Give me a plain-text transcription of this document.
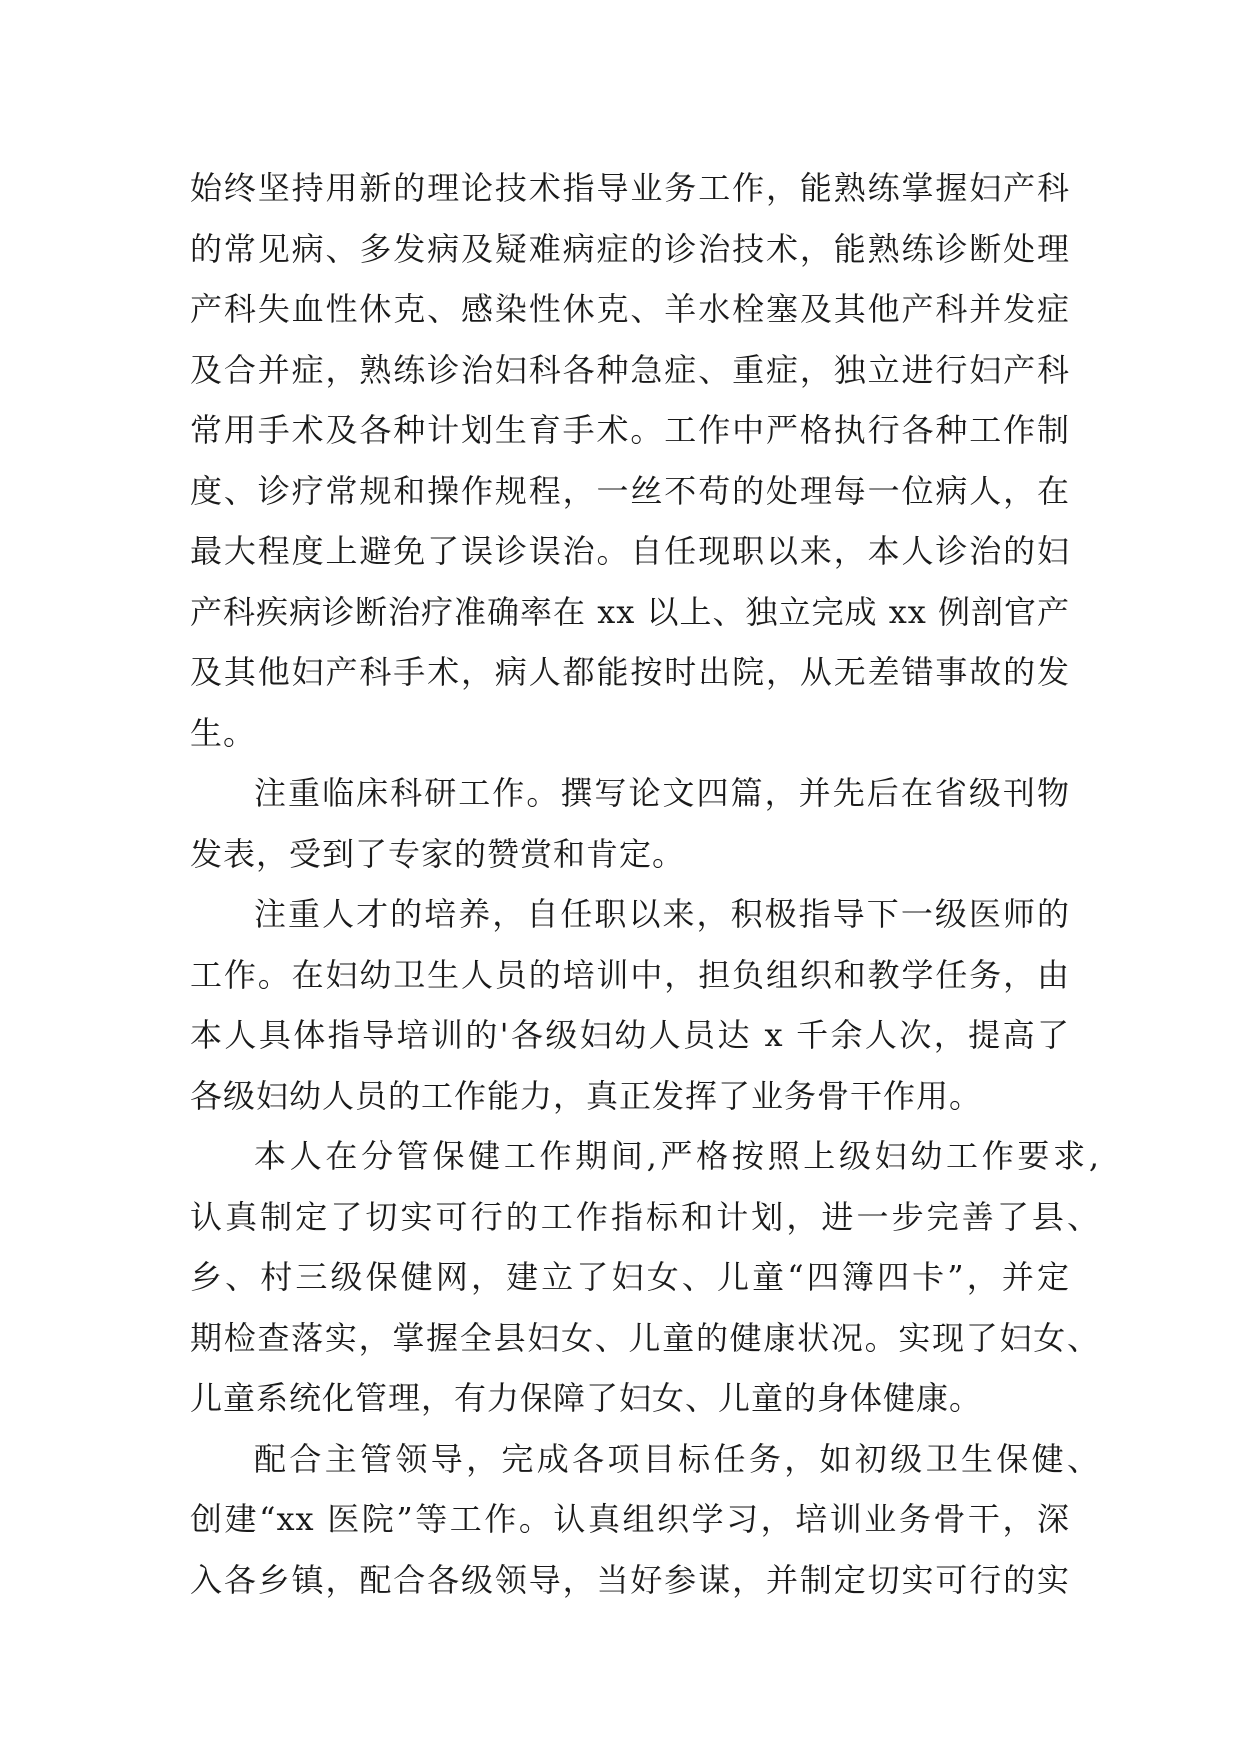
始终坚持用新的理论技术指导业务工作，能熟练掌握妇产科
的常见病、多发病及疑难病症的诊治技术，能熟练诊断处理
产科失血性休克、感染性休克、羊水栓塞及其他产科并发症
及合并症，熟练诊治妇科各种急症、重症，独立进行妇产科
常用手术及各种计划生育手术。工作中严格执行各种工作制
度、诊疗常规和操作规程，一丝不苟的处理每一位病人，在
最大程度上避免了误诊误治。自任现职以来，本人诊治的妇
产科疾病诊断治疗准确率在 xx 以上、独立完成 xx 例剖官产
及其他妇产科手术，病人都能按时出院，从无差错事故的发
生。
注重临床科研工作。撰写论文四篇，并先后在省级刊物
发表，受到了专家的赞赏和肯定。
注重人才的培养，自任职以来，积极指导下一级医师的
工作。在妇幼卫生人员的培训中，担负组织和教学任务，由
本人具体指导培训的'各级妇幼人员达 x 千余人次，提高了
各级妇幼人员的工作能力，真正发挥了业务骨干作用。
本人在分管保健工作期间,严格按照上级妇幼工作要求,
认真制定了切实可行的工作指标和计划，进一步完善了县、
乡、村三级保健网，建立了妇女、儿童“四簿四卡”，并定
期检查落实，掌握全县妇女、儿童的健康状况。实现了妇女、
儿童系统化管理，有力保障了妇女、儿童的身体健康。
配合主管领导，完成各项目标任务，如初级卫生保健、
创建“xx 医院”等工作。认真组织学习，培训业务骨干，深
入各乡镇，配合各级领导，当好参谋，并制定切实可行的实
